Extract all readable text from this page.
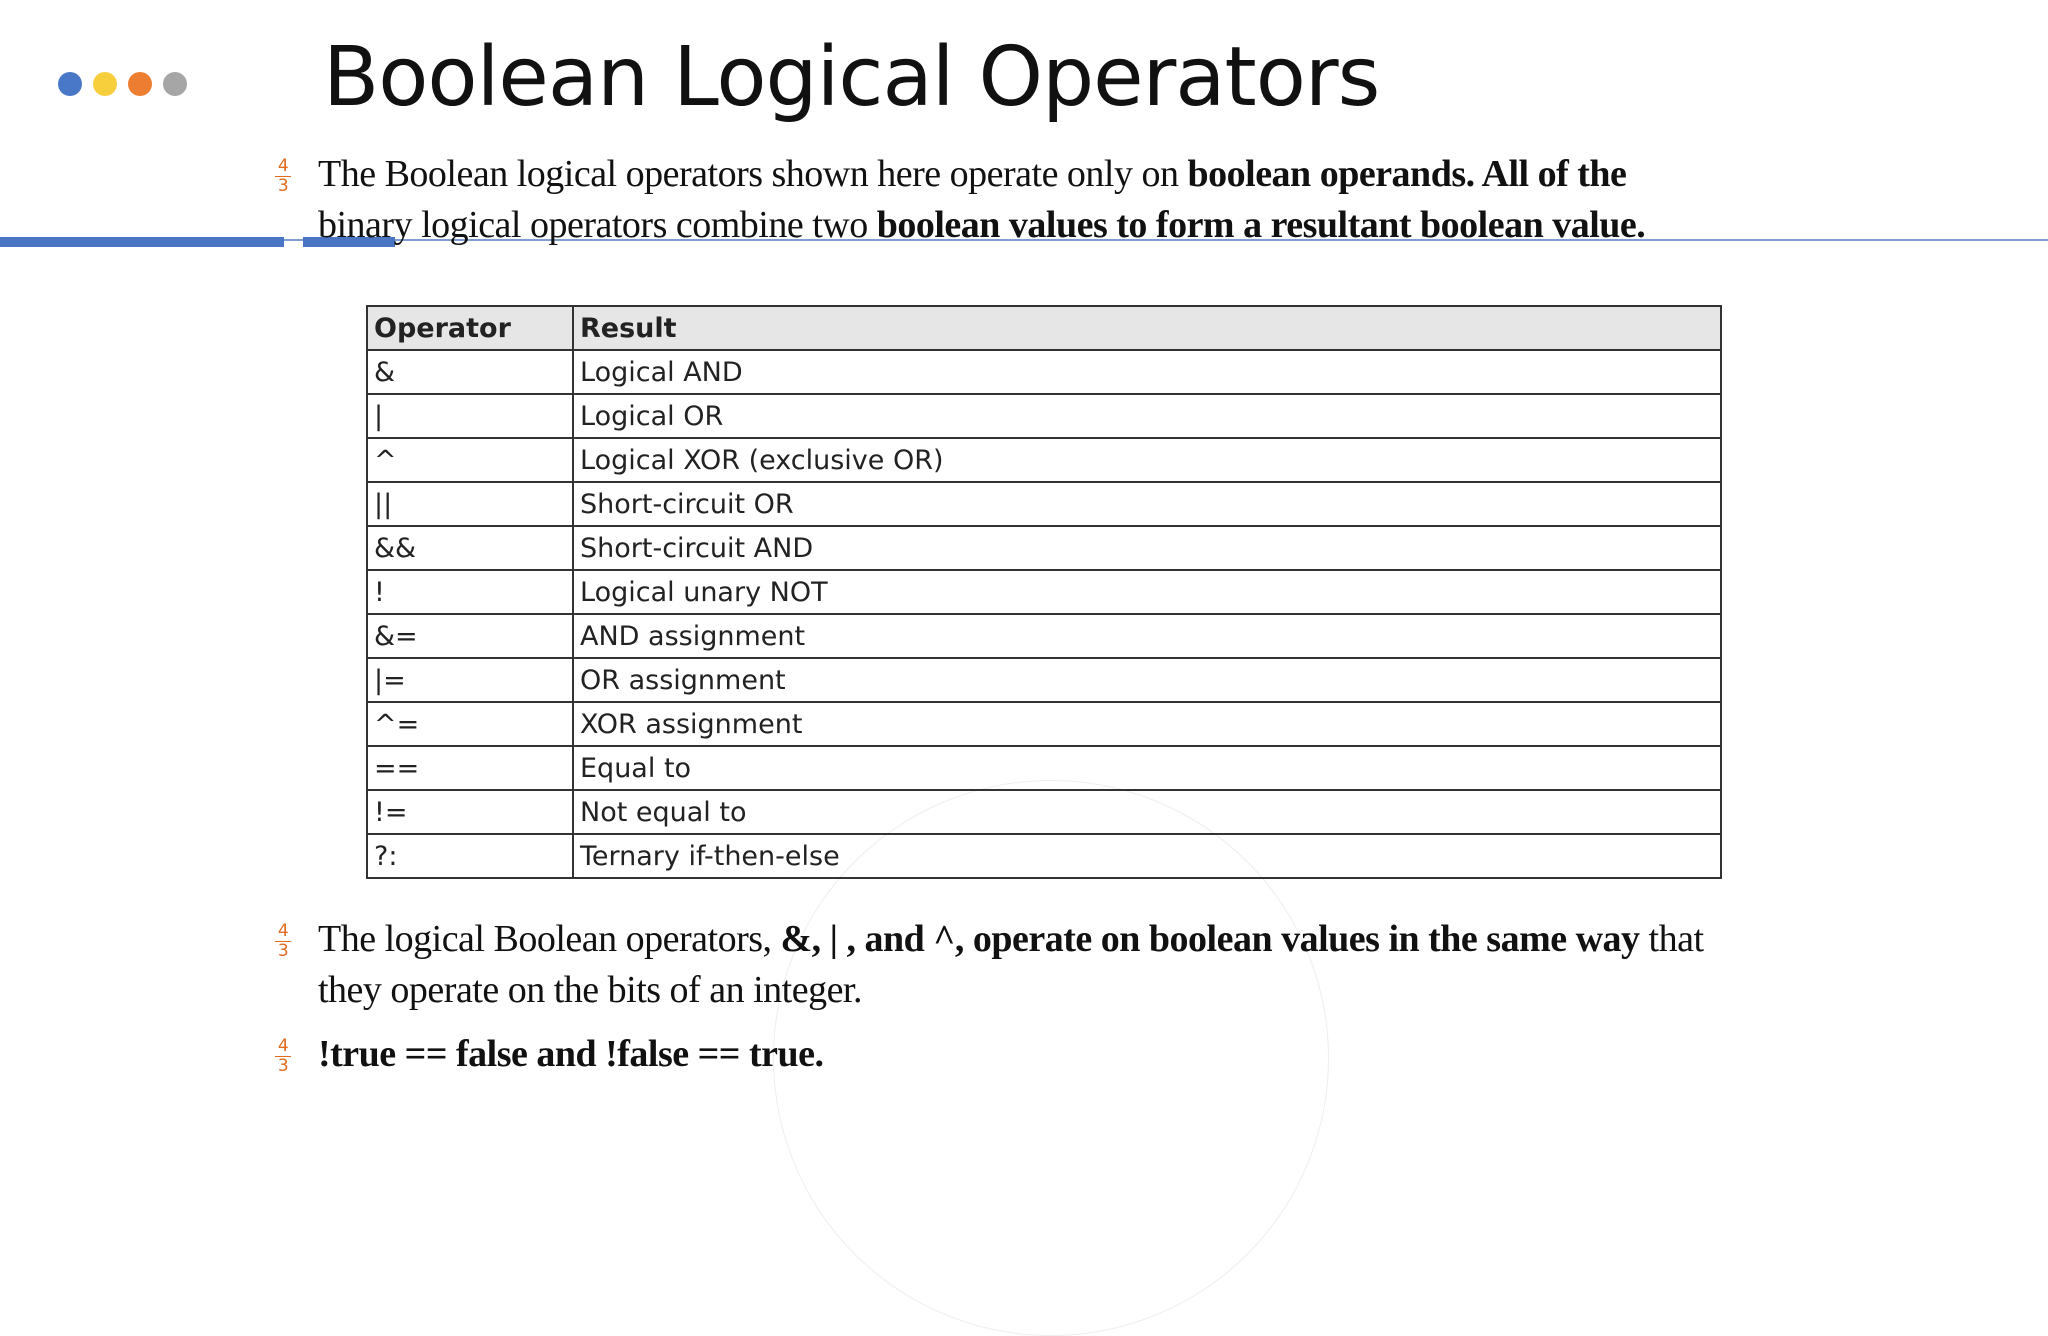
Boolean Logical Operators
4
3 The Boolean logical operators shown here operate only on boolean operands. All of the binary logical operators combine two boolean values to form a resultant boolean value.
Operator	Result
&	Logical AND
|	Logical OR
^	Logical XOR (exclusive OR)
||	Short-circuit OR
&&	Short-circuit AND
!	Logical unary NOT
&=	AND assignment
|=	OR assignment
^=	XOR assignment
==	Equal to
!=	Not equal to
?:	Ternary if-then-else
4
3 The logical Boolean operators, &, | , and ^, operate on boolean values in the same way that they operate on the bits of an integer.
4
3 !true == false and !false == true.
